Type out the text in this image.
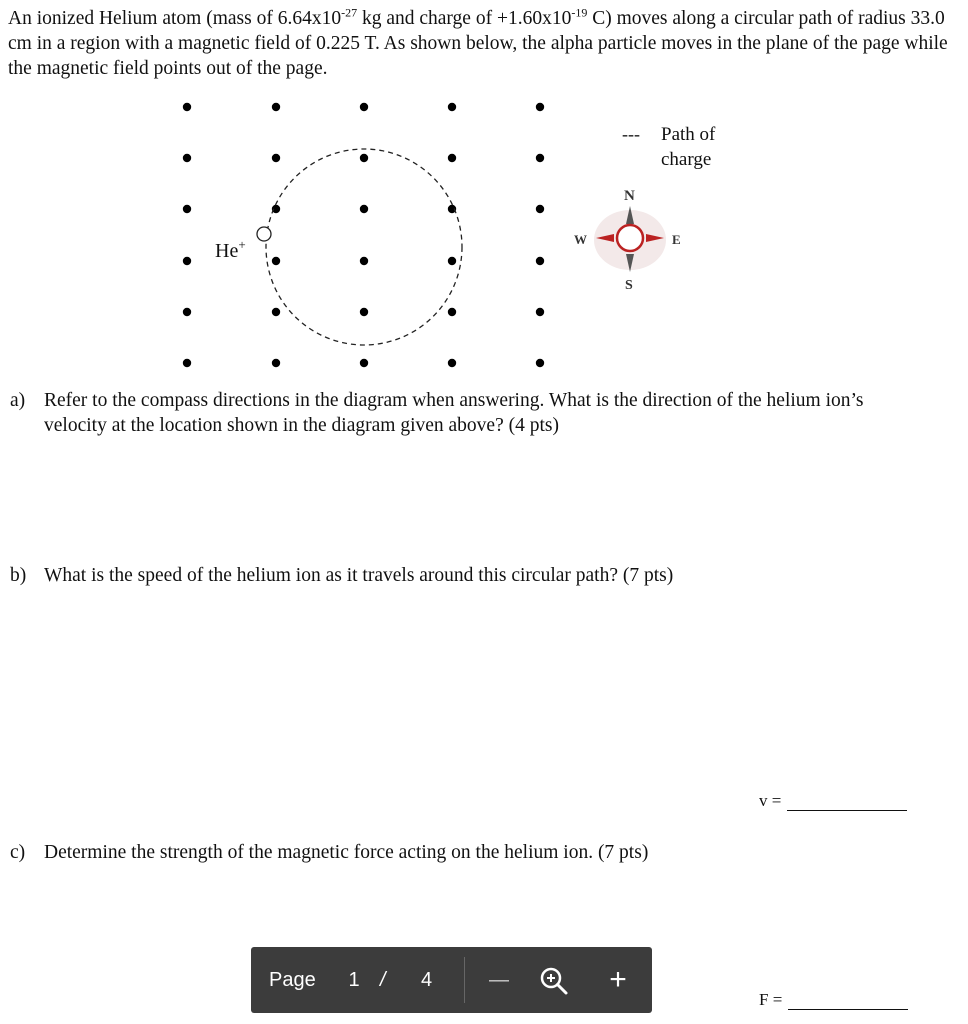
An ionized Helium atom (mass of $6.64x10^{-27}$ kg and charge of $+1.60x10^{-19}$ C) moves along a circular path of radius 33.0 cm in a region with a magnetic field of 0.225 T. As shown below, the alpha particle moves in the plane of the page while the magnetic field points out of the page.
He+
--- Path of
charge
N
S
E
W
a) Refer to the compass directions in the diagram when answering. What is the direction of the helium ion’s velocity at the location shown in the diagram given above? (4 pts)
b) What is the speed of the helium ion as it travels around this circular path? (7 pts)
v =
c) Determine the strength of the magnetic force acting on the helium ion. (7 pts)
F =
Page 1 / 4	—	+
